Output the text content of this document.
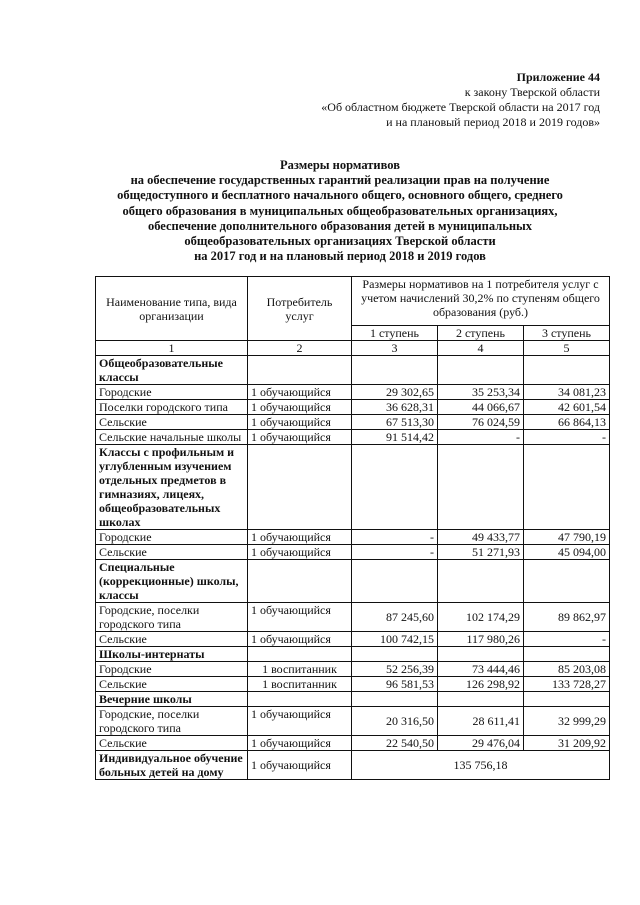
Приложение 44
к закону Тверской области
«Об областном бюджете Тверской области на 2017 год
и на плановый период 2018 и 2019 годов»
Размеры нормативов
на обеспечение государственных гарантий реализации прав на получение
общедоступного и бесплатного начального общего, основного общего, среднего
общего образования в муниципальных общеобразовательных организациях,
обеспечение дополнительного образования детей в муниципальных
общеобразовательных организациях Тверской области
на 2017 год и на плановый период 2018 и 2019 годов
Наименование типа, вида организации	Потребитель услуг	Размеры нормативов на 1 потребителя услуг с учетом начислений 30,2% по ступеням общего образования (руб.)		
		1 ступень	2 ступень	3 ступень
1	2	3	4	5
Общеобразовательные классы				
Городские	1 обучающийся	29 302,65	35 253,34	34 081,23
Поселки городского типа	1 обучающийся	36 628,31	44 066,67	42 601,54
Сельские	1 обучающийся	67 513,30	76 024,59	66 864,13
Сельские начальные школы	1 обучающийся	91 514,42	-	-
Классы с профильным и углубленным изучением отдельных предметов в гимназиях, лицеях, общеобразовательных школах				
Городские	1 обучающийся	-	49 433,77	47 790,19
Сельские	1 обучающийся	-	51 271,93	45 094,00
Специальные (коррекционные) школы, классы				
Городские, поселки городского типа	1 обучающийся	87 245,60	102 174,29	89 862,97
Сельские	1 обучающийся	100 742,15	117 980,26	-
Школы-интернаты				
Городские	1 воспитанник	52 256,39	73 444,46	85 203,08
Сельские	1 воспитанник	96 581,53	126 298,92	133 728,27
Вечерние школы				
Городские, поселки городского типа	1 обучающийся	20 316,50	28 611,41	32 999,29
Сельские	1 обучающийся	22 540,50	29 476,04	31 209,92
Индивидуальное обучение больных детей на дому	1 обучающийся	135 756,18		
